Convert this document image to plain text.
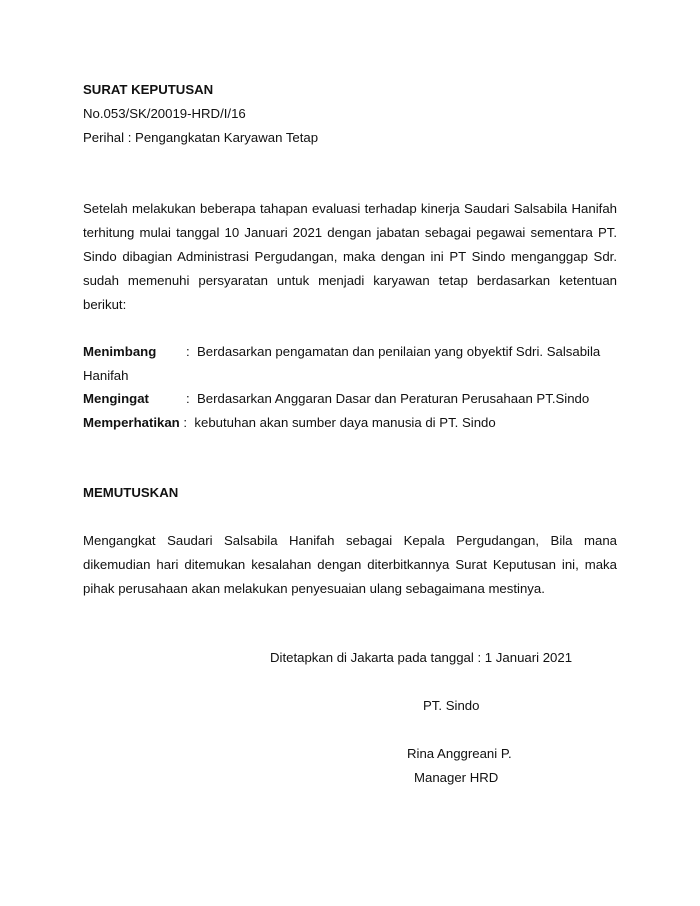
SURAT KEPUTUSAN
No.053/SK/20019-HRD/I/16
Perihal : Pengangkatan Karyawan Tetap
Setelah melakukan beberapa tahapan evaluasi terhadap kinerja Saudari Salsabila Hanifah terhitung mulai tanggal 10 Januari 2021 dengan jabatan sebagai pegawai sementara PT. Sindo dibagian Administrasi Pergudangan, maka dengan ini PT Sindo menganggap Sdr. sudah memenuhi persyaratan untuk menjadi karyawan tetap berdasarkan ketentuan berikut:
Menimbang : Berdasarkan pengamatan dan penilaian yang obyektif Sdri. Salsabila Hanifah
Mengingat	: Berdasarkan Anggaran Dasar dan Peraturan Perusahaan PT.Sindo
Memperhatikan : kebutuhan akan sumber daya manusia di PT. Sindo
MEMUTUSKAN
Mengangkat Saudari Salsabila Hanifah sebagai Kepala Pergudangan, Bila mana dikemudian hari ditemukan kesalahan dengan diterbitkannya Surat Keputusan ini, maka pihak perusahaan akan melakukan penyesuaian ulang sebagaimana mestinya.
Ditetapkan di Jakarta pada tanggal : 1 Januari 2021
PT. Sindo
Rina Anggreani P.
Manager HRD
